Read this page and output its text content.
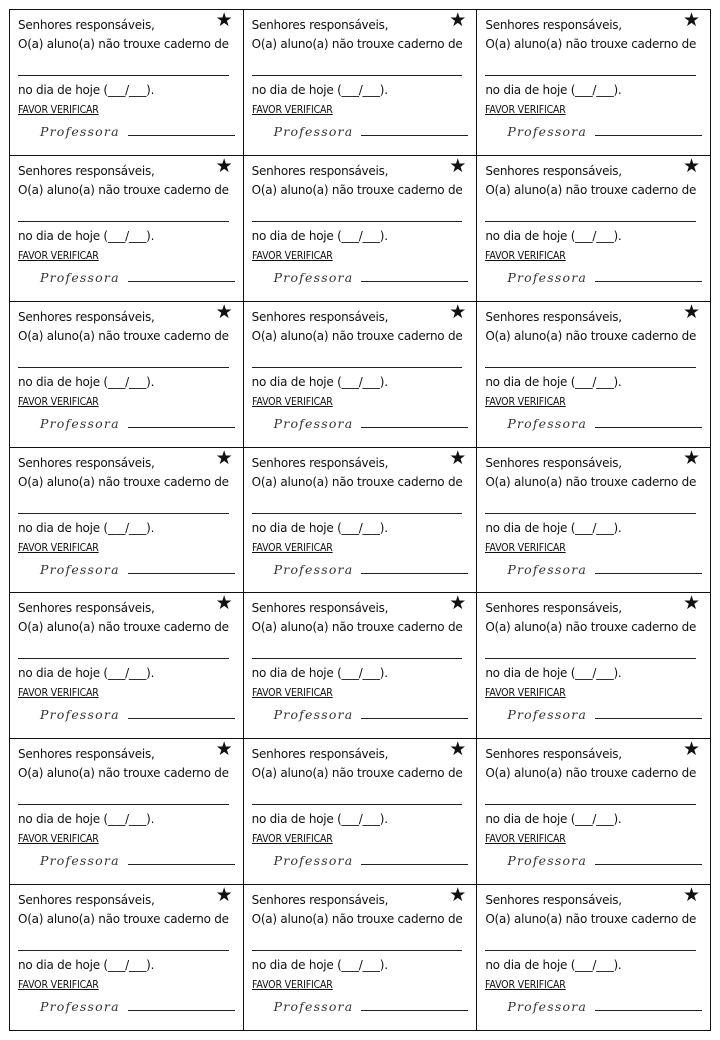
★
Senhores responsáveis,
O(a) aluno(a) não trouxe caderno de
no dia de hoje (___/___).
FAVOR VERIFICAR
Professora
★
Senhores responsáveis,
O(a) aluno(a) não trouxe caderno de
no dia de hoje (___/___).
FAVOR VERIFICAR
Professora
★
Senhores responsáveis,
O(a) aluno(a) não trouxe caderno de
no dia de hoje (___/___).
FAVOR VERIFICAR
Professora
★
Senhores responsáveis,
O(a) aluno(a) não trouxe caderno de
no dia de hoje (___/___).
FAVOR VERIFICAR
Professora
★
Senhores responsáveis,
O(a) aluno(a) não trouxe caderno de
no dia de hoje (___/___).
FAVOR VERIFICAR
Professora
★
Senhores responsáveis,
O(a) aluno(a) não trouxe caderno de
no dia de hoje (___/___).
FAVOR VERIFICAR
Professora
★
Senhores responsáveis,
O(a) aluno(a) não trouxe caderno de
no dia de hoje (___/___).
FAVOR VERIFICAR
Professora
★
Senhores responsáveis,
O(a) aluno(a) não trouxe caderno de
no dia de hoje (___/___).
FAVOR VERIFICAR
Professora
★
Senhores responsáveis,
O(a) aluno(a) não trouxe caderno de
no dia de hoje (___/___).
FAVOR VERIFICAR
Professora
★
Senhores responsáveis,
O(a) aluno(a) não trouxe caderno de
no dia de hoje (___/___).
FAVOR VERIFICAR
Professora
★
Senhores responsáveis,
O(a) aluno(a) não trouxe caderno de
no dia de hoje (___/___).
FAVOR VERIFICAR
Professora
★
Senhores responsáveis,
O(a) aluno(a) não trouxe caderno de
no dia de hoje (___/___).
FAVOR VERIFICAR
Professora
★
Senhores responsáveis,
O(a) aluno(a) não trouxe caderno de
no dia de hoje (___/___).
FAVOR VERIFICAR
Professora
★
Senhores responsáveis,
O(a) aluno(a) não trouxe caderno de
no dia de hoje (___/___).
FAVOR VERIFICAR
Professora
★
Senhores responsáveis,
O(a) aluno(a) não trouxe caderno de
no dia de hoje (___/___).
FAVOR VERIFICAR
Professora
★
Senhores responsáveis,
O(a) aluno(a) não trouxe caderno de
no dia de hoje (___/___).
FAVOR VERIFICAR
Professora
★
Senhores responsáveis,
O(a) aluno(a) não trouxe caderno de
no dia de hoje (___/___).
FAVOR VERIFICAR
Professora
★
Senhores responsáveis,
O(a) aluno(a) não trouxe caderno de
no dia de hoje (___/___).
FAVOR VERIFICAR
Professora
★
Senhores responsáveis,
O(a) aluno(a) não trouxe caderno de
no dia de hoje (___/___).
FAVOR VERIFICAR
Professora
★
Senhores responsáveis,
O(a) aluno(a) não trouxe caderno de
no dia de hoje (___/___).
FAVOR VERIFICAR
Professora
★
Senhores responsáveis,
O(a) aluno(a) não trouxe caderno de
no dia de hoje (___/___).
FAVOR VERIFICAR
Professora
